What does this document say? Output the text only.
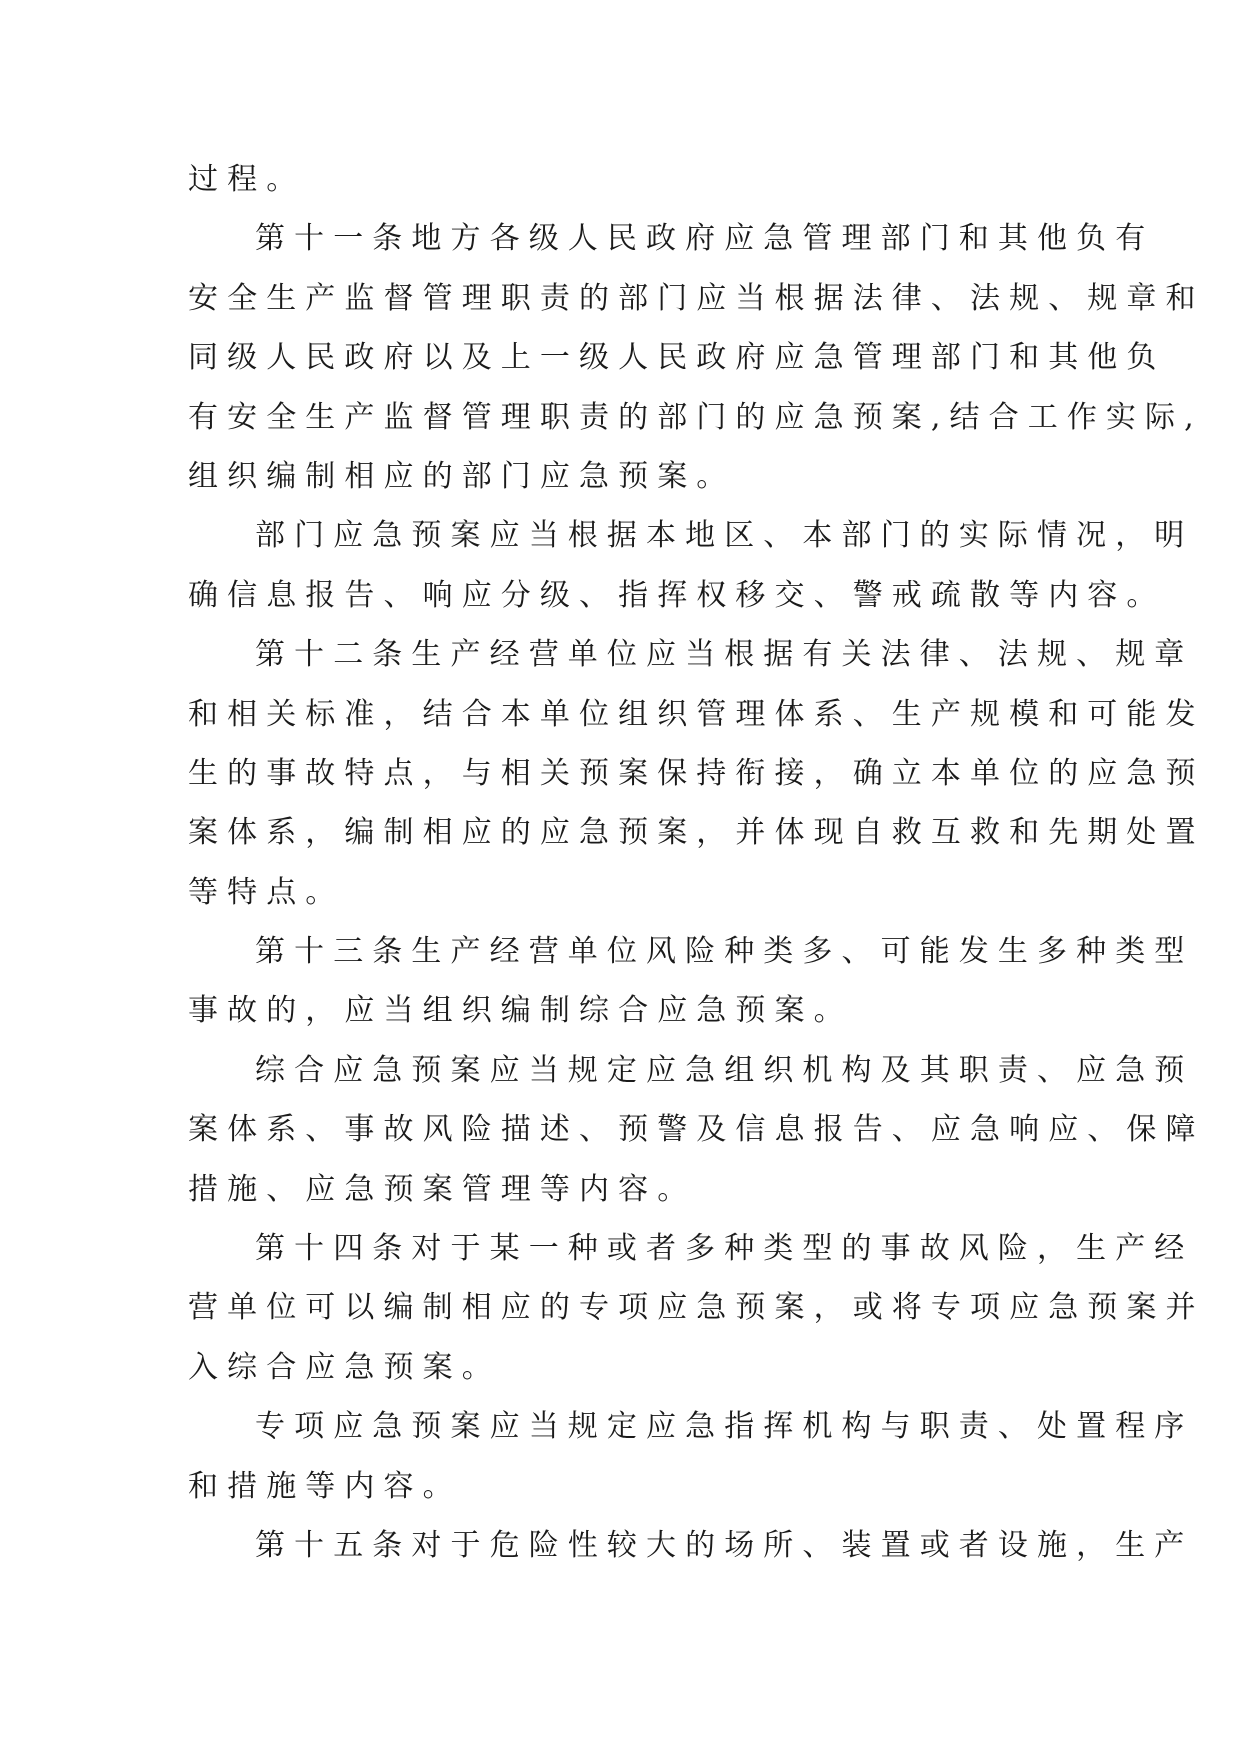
过程。
第十一条地方各级人民政府应急管理部门和其他负有
安全生产监督管理职责的部门应当根据法律、法规、规章和
同级人民政府以及上一级人民政府应急管理部门和其他负
有安全生产监督管理职责的部门的应急预案,结合工作实际,
组织编制相应的部门应急预案。
部门应急预案应当根据本地区、本部门的实际情况，明
确信息报告、响应分级、指挥权移交、警戒疏散等内容。
第十二条生产经营单位应当根据有关法律、法规、规章
和相关标准，结合本单位组织管理体系、生产规模和可能发
生的事故特点，与相关预案保持衔接，确立本单位的应急预
案体系，编制相应的应急预案，并体现自救互救和先期处置
等特点。
第十三条生产经营单位风险种类多、可能发生多种类型
事故的，应当组织编制综合应急预案。
综合应急预案应当规定应急组织机构及其职责、应急预
案体系、事故风险描述、预警及信息报告、应急响应、保障
措施、应急预案管理等内容。
第十四条对于某一种或者多种类型的事故风险，生产经
营单位可以编制相应的专项应急预案，或将专项应急预案并
入综合应急预案。
专项应急预案应当规定应急指挥机构与职责、处置程序
和措施等内容。
第十五条对于危险性较大的场所、装置或者设施，生产
